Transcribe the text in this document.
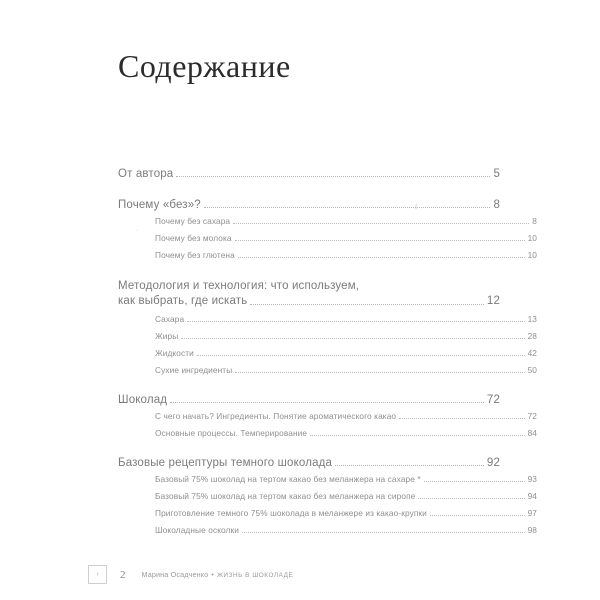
Содержание
f
-
От автора	5
Почему «без»?	8
Почему без сахара	8
Почему без молока	10
Почему без глютена	10
Методология и технология: что используем,
как выбрать, где искать	12
Сахара	13
Жиры	28
Жидкости	42
Сухие ингредиенты	50
Шоколад	72
С чего начать? Ингредиенты. Понятие ароматического какао	72
Основные процессы. Темперирование	84
Базовые рецептуры темного шоколада	92
Базовый 75% шоколад на тертом какао без меланжера на сахаре *	93
Базовый 75% шоколад на тертом какао без меланжера на сиропе	94
Приготовление темного 75% шоколада в меланжере из какао-крупки	97
Шоколадные осколки	98
› 2 Марина Осадченко • ЖИЗНЬ В ШОКОЛАДЕ
